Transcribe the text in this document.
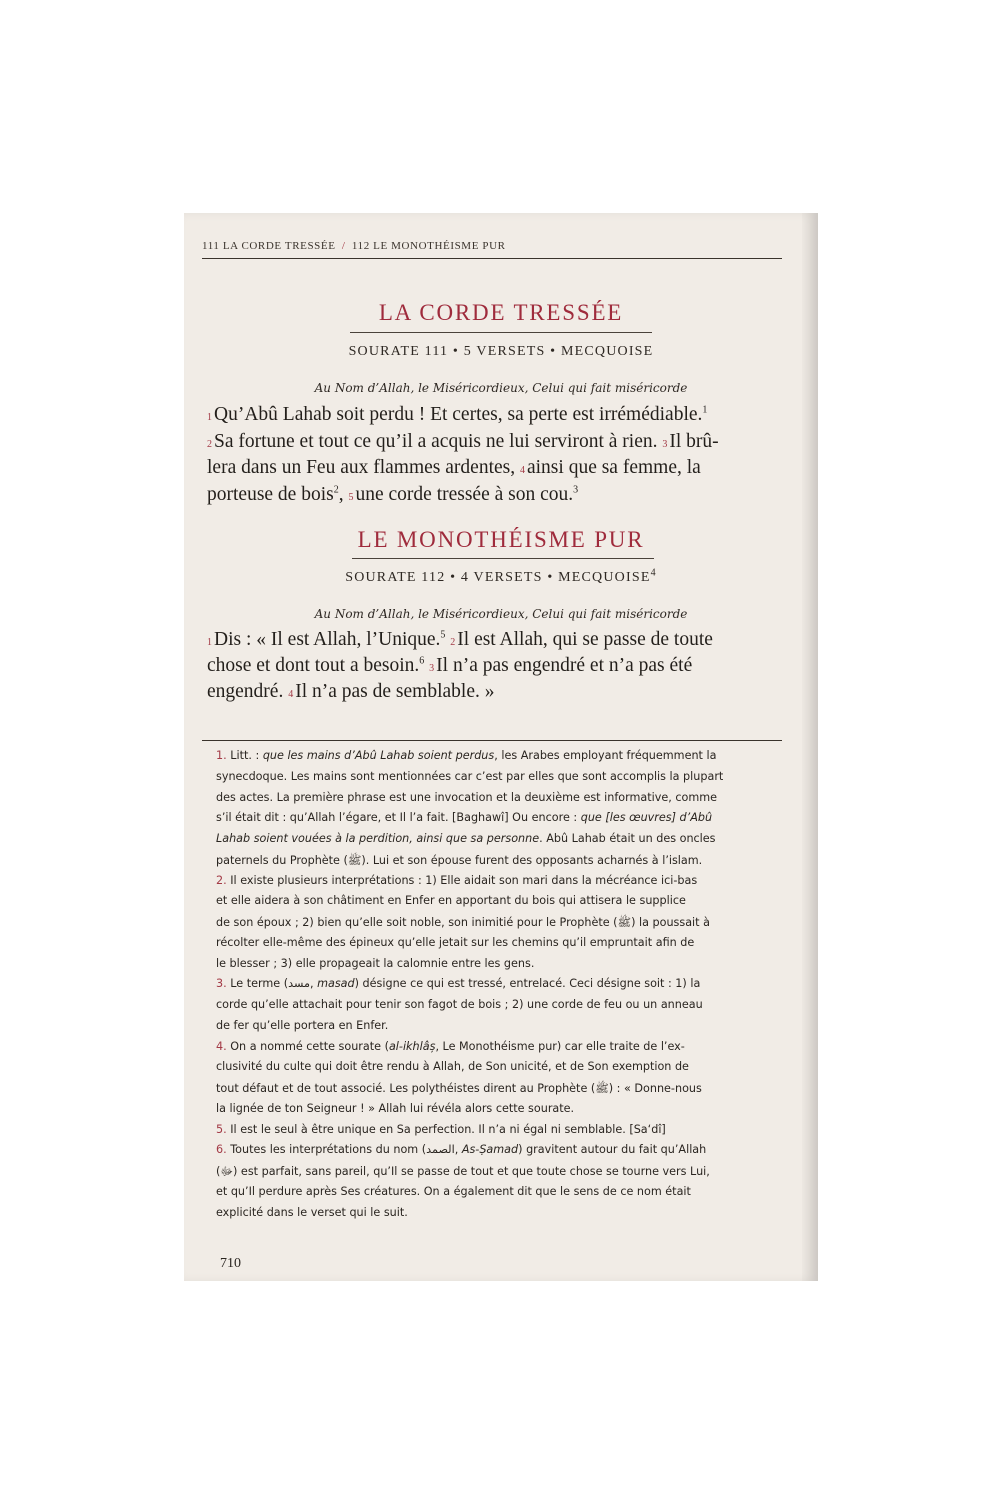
111 LA CORDE TRESSÉE / 112 LE MONOTHÉISME PUR
LA CORDE TRESSÉE
SOURATE 111 • 5 VERSETS • MECQUOISE
Au Nom d’Allah, le Miséricordieux, Celui qui fait miséricorde
1 Qu’Abû Lahab soit perdu ! Et certes, sa perte est irrémédiable.$^1$
2 Sa fortune et tout ce qu’il a acquis ne lui serviront à rien. 3 Il brû-
lera dans un Feu aux flammes ardentes, 4 ainsi que sa femme, la
porteuse de bois$^2$, 5 une corde tressée à son cou.$^3$
LE MONOTHÉISME PUR
SOURATE 112 • 4 VERSETS • MECQUOISE$^4$
Au Nom d’Allah, le Miséricordieux, Celui qui fait miséricorde
1 Dis : « Il est Allah, l’Unique.$^5$ 2 Il est Allah, qui se passe de toute
chose et dont tout a besoin.$^6$ 3 Il n’a pas engendré et n’a pas été
engendré. 4 Il n’a pas de semblable. »
1. Litt. : que les mains d’Abû Lahab soient perdus, les Arabes employant fréquemment la
synecdoque. Les mains sont mentionnées car c’est par elles que sont accomplis la plupart
des actes. La première phrase est une invocation et la deuxième est informative, comme
s’il était dit : qu’Allah l’égare, et Il l’a fait. [Baghawî] Ou encore : que [les œuvres] d’Abû
Lahab soient vouées à la perdition, ainsi que sa personne. Abû Lahab était un des oncles
paternels du Prophète (ﷺ). Lui et son épouse furent des opposants acharnés à l’islam.
2. Il existe plusieurs interprétations : 1) Elle aidait son mari dans la mécréance ici-bas
et elle aidera à son châtiment en Enfer en apportant du bois qui attisera le supplice
de son époux ; 2) bien qu’elle soit noble, son inimitié pour le Prophète (ﷺ) la poussait à
récolter elle-même des épineux qu’elle jetait sur les chemins qu’il empruntait afin de
le blesser ; 3) elle propageait la calomnie entre les gens.
3. Le terme (مسد, masad) désigne ce qui est tressé, entrelacé. Ceci désigne soit : 1) la
corde qu’elle attachait pour tenir son fagot de bois ; 2) une corde de feu ou un anneau
de fer qu’elle portera en Enfer.
4. On a nommé cette sourate (al-ikhlâș, Le Monothéisme pur) car elle traite de l’ex-
clusivité du culte qui doit être rendu à Allah, de Son unicité, et de Son exemption de
tout défaut et de tout associé. Les polythéistes dirent au Prophète (ﷺ) : « Donne-nous
la lignée de ton Seigneur ! » Allah lui révéla alors cette sourate.
5. Il est le seul à être unique en Sa perfection. Il n’a ni égal ni semblable. [Sa‘dî]
6. Toutes les interprétations du nom (الصمد, As-Ṣamad) gravitent autour du fait qu’Allah
(ﷻ) est parfait, sans pareil, qu’Il se passe de tout et que toute chose se tourne vers Lui,
et qu’Il perdure après Ses créatures. On a également dit que le sens de ce nom était
explicité dans le verset qui le suit.
710
